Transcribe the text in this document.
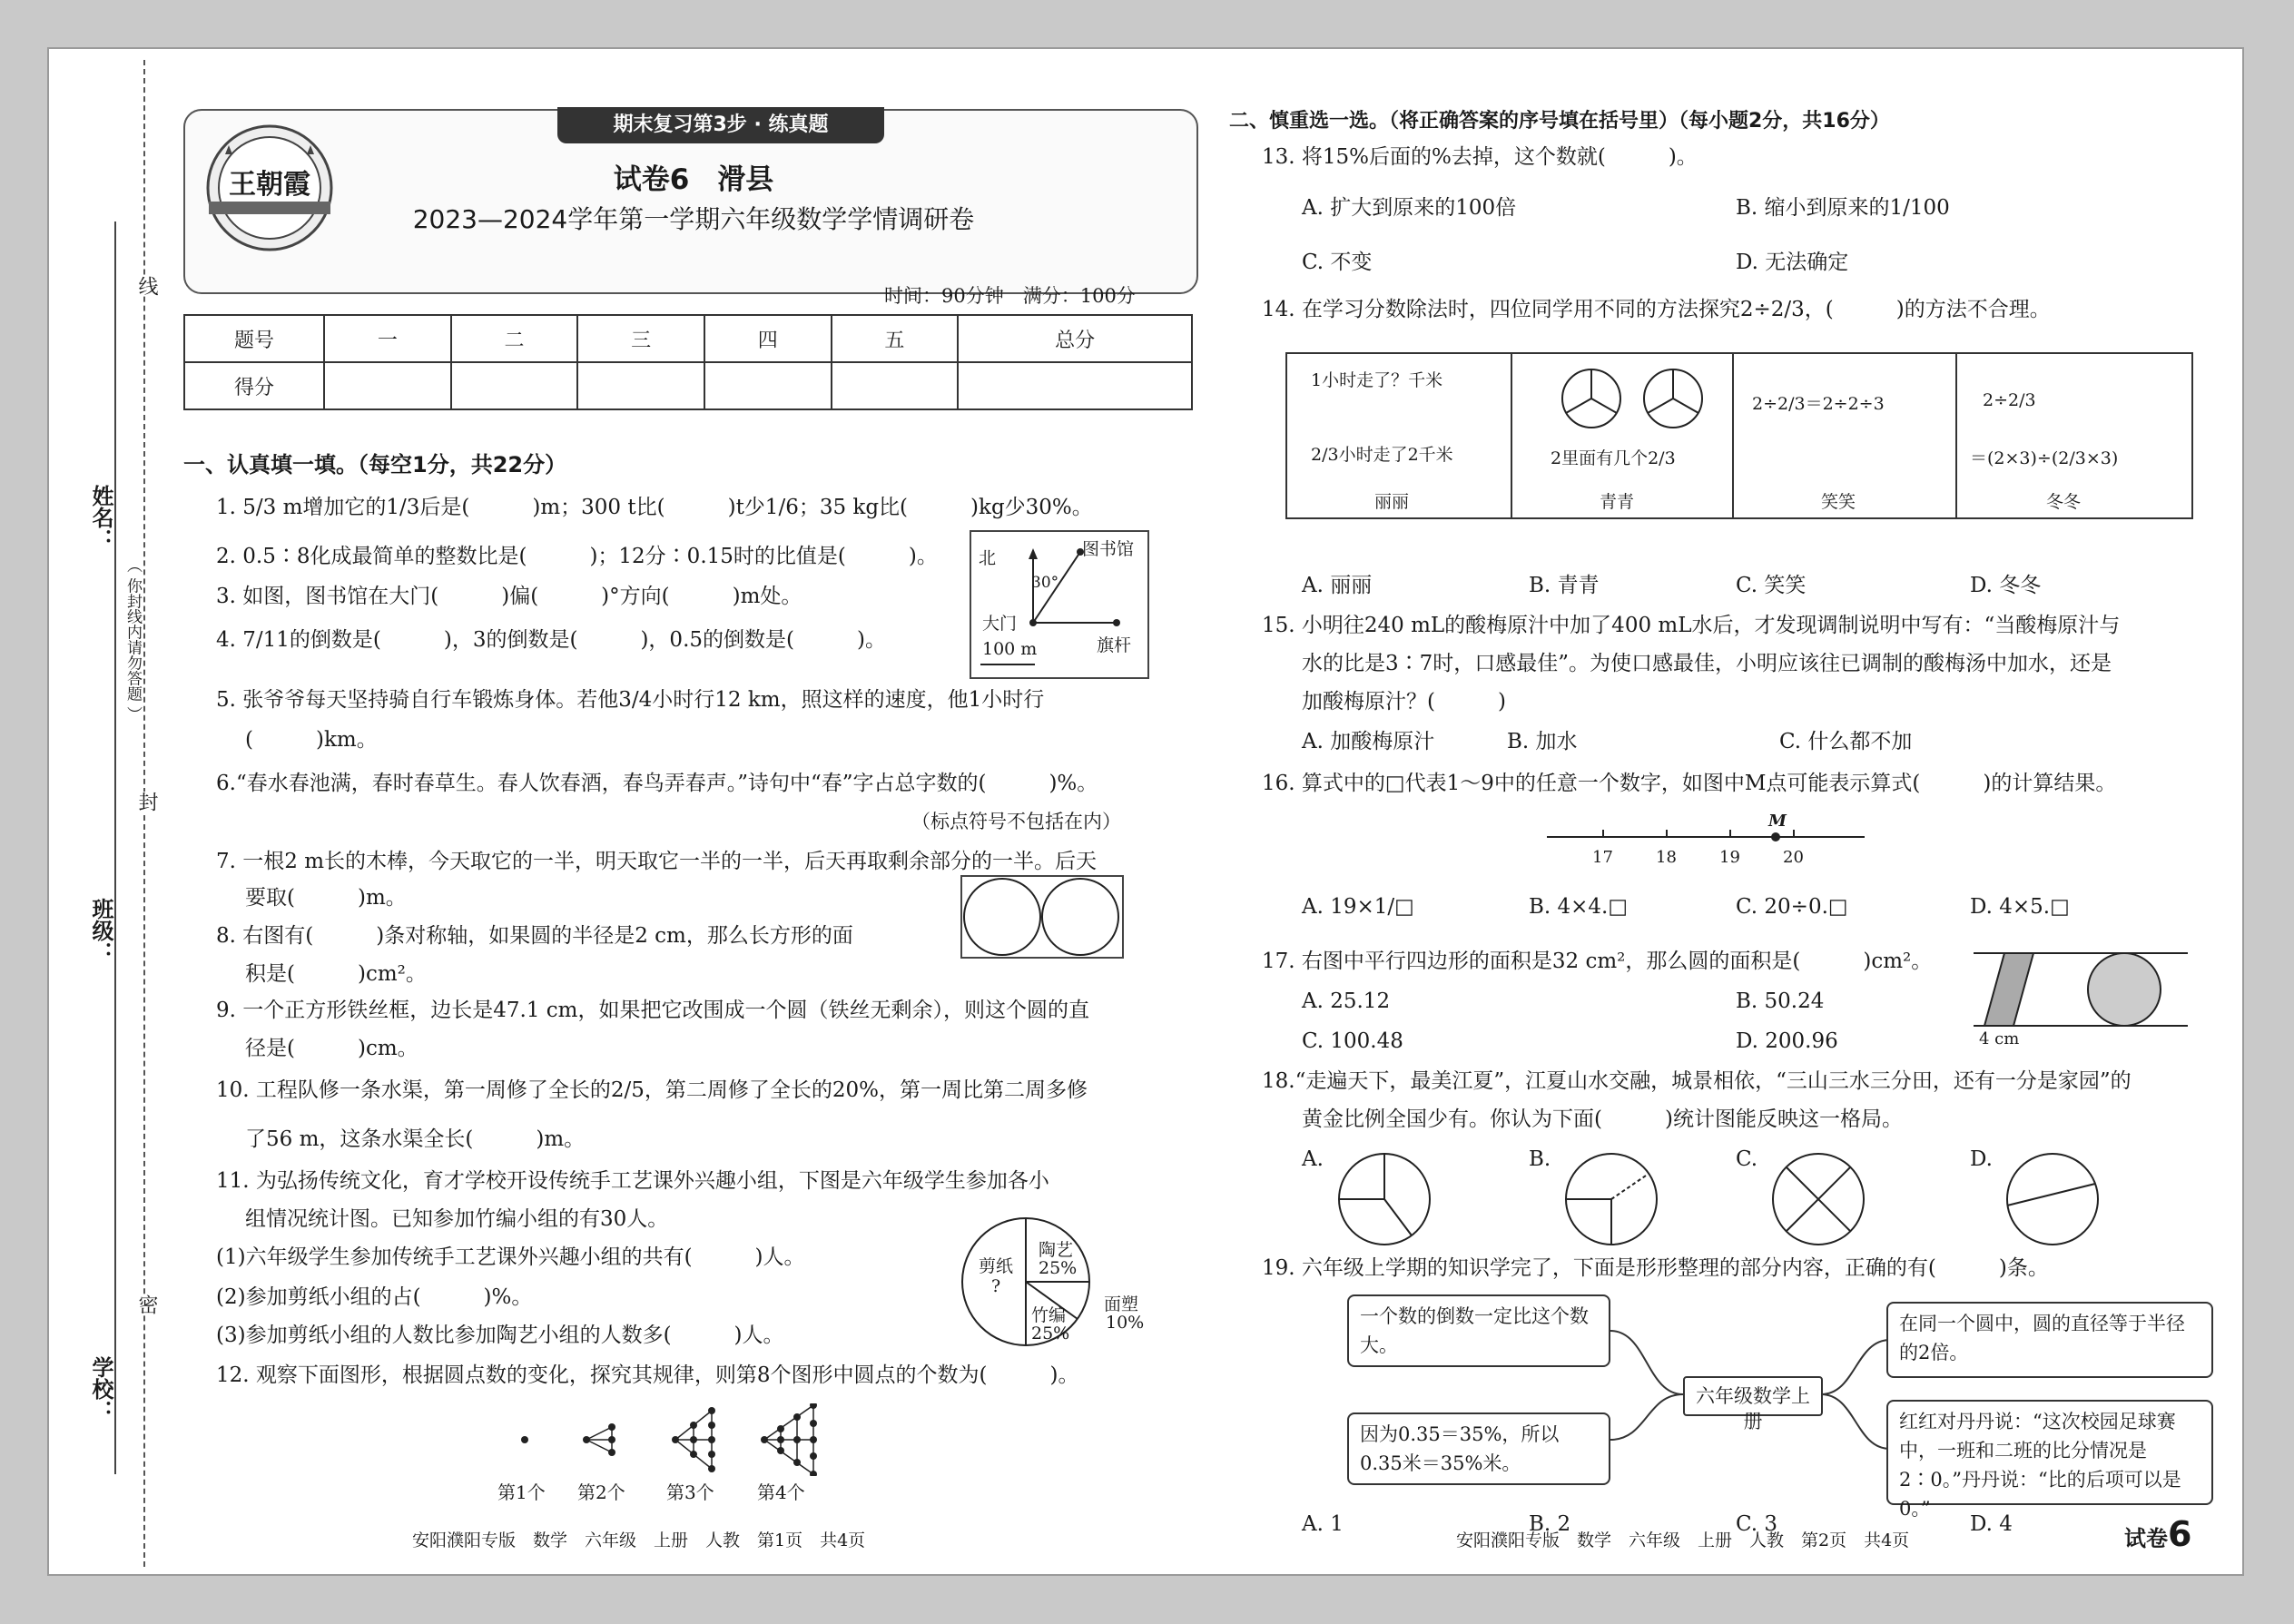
线
封
密
（ 你封线内请勿答题 ）
姓名：
班级：
学校：
王朝霞
期末复习第3步 · 练真题
试卷6　滑县
2023—2024学年第一学期六年级数学学情调研卷
时间：90分钟　满分：100分
题号	一	二	三	四	五	总分
得分						
一、认真填一填。（每空1分，共22分）
1. 5/3 m增加它的1/3后是(　　　)m；300 t比(　　　)t少1/6；35 kg比(　　　)kg少30%。
2. 0.5∶8化成最简单的整数比是(　　　)；12分∶0.15时的比值是(　　　)。
3. 如图，图书馆在大门(　　　)偏(　　　)°方向(　　　)m处。
4. 7/11的倒数是(　　　)，3的倒数是(　　　)，0.5的倒数是(　　　)。
北	图书馆
30°
大门
旗杆
100 m
5. 张爷爷每天坚持骑自行车锻炼身体。若他3/4小时行12 km，照这样的速度，他1小时行
(　　　)km。
6.“春水春池满，春时春草生。春人饮春酒，春鸟弄春声。”诗句中“春”字占总字数的(　　　)%。
（标点符号不包括在内）
7. 一根2 m长的木棒，今天取它的一半，明天取它一半的一半，后天再取剩余部分的一半。后天
要取(　　　)m。
8. 右图有(　　　)条对称轴，如果圆的半径是2 cm，那么长方形的面
积是(　　　)cm²。
9. 一个正方形铁丝框，边长是47.1 cm，如果把它改围成一个圆（铁丝无剩余），则这个圆的直
径是(　　　)cm。
10. 工程队修一条水渠，第一周修了全长的2/5，第二周修了全长的20%，第一周比第二周多修
了56 m，这条水渠全长(　　　)m。
11. 为弘扬传统文化，育才学校开设传统手工艺课外兴趣小组，下图是六年级学生参加各小
组情况统计图。已知参加竹编小组的有30人。
(1)六年级学生参加传统手工艺课外兴趣小组的共有(　　　)人。
(2)参加剪纸小组的占(　　　)%。
(3)参加剪纸小组的人数比参加陶艺小组的人数多(　　　)人。
剪纸
?
陶艺
25%
竹编
25%
面塑
10%
12. 观察下面图形，根据圆点数的变化，探究其规律，则第8个图形中圆点的个数为(　　　)。
第1个 第2个 第3个 第4个
安阳濮阳专版　数学　六年级　上册　人教　第1页　共4页
二、慎重选一选。（将正确答案的序号填在括号里）（每小题2分，共16分）
13. 将15%后面的%去掉，这个数就(　　　)。
A. 扩大到原来的100倍	B. 缩小到原来的1/100
C. 不变	D. 无法确定
14. 在学习分数除法时，四位同学用不同的方法探究2÷2/3，(　　　)的方法不合理。
1小时走了？千米
2/3小时走了2千米	2里面有几个2/3
2÷2/3＝2÷2÷3	2÷2/3
＝(2×3)÷(2/3×3)
丽丽	青青	笑笑	冬冬
A. 丽丽	B. 青青	C. 笑笑	D. 冬冬
15. 小明往240 mL的酸梅原汁中加了400 mL水后，才发现调制说明中写有：“当酸梅原汁与
水的比是3∶7时，口感最佳”。为使口感最佳，小明应该往已调制的酸梅汤中加水，还是
加酸梅原汁？(　　　)
A. 加酸梅原汁	B. 加水	C. 什么都不加
16. 算式中的□代表1～9中的任意一个数字，如图中M点可能表示算式(　　　)的计算结果。
M
17	18	19	20
A. 19×1/□	B. 4×4.□	C. 20÷0.□	D. 4×5.□
17. 右图中平行四边形的面积是32 cm²，那么圆的面积是(　　　)cm²。
A. 25.12	B. 50.24
C. 100.48	D. 200.96	4 cm
18.“走遍天下，最美江夏”，江夏山水交融，城景相依，“三山三水三分田，还有一分是家园”的
黄金比例全国少有。你认为下面(　　　)统计图能反映这一格局。
A.	B.	C.	D.
19. 六年级上学期的知识学完了，下面是形形整理的部分内容，正确的有(　　　)条。
六年级数学上册
一个数的倒数一定比这个数大。
因为0.35＝35%，所以0.35米＝35%米。
在同一个圆中，圆的直径等于半径的2倍。
红红对丹丹说：“这次校园足球赛中，一班和二班的比分情况是2∶0。”丹丹说：“比的后项可以是0。”
A. 1	B. 2	C. 3	D. 4
安阳濮阳专版　数学　六年级　上册　人教　第2页　共4页	试卷6
